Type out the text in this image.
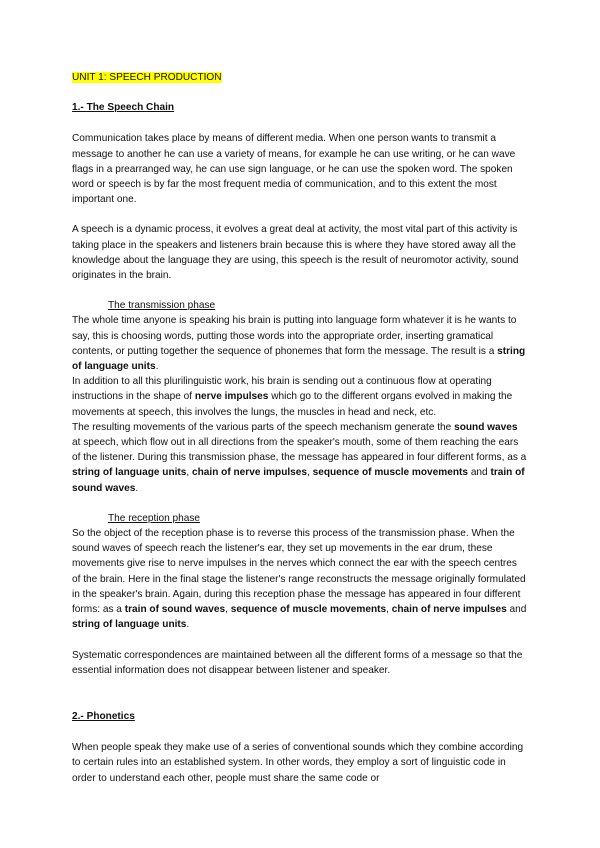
UNIT 1: SPEECH PRODUCTION

1.- The Speech Chain

Communication takes place by means of different media. When one person wants to transmit a message to another he can use a variety of means, for example he can use writing, or he can wave flags in a prearranged way, he can use sign language, or he can use the spoken word. The spoken word or speech is by far the most frequent media of communication, and to this extent the most important one.

A speech is a dynamic process, it evolves a great deal at activity, the most vital part of this activity is taking place in the speakers and listeners brain because this is where they have stored away all the knowledge about the language they are using, this speech is the result of neuromotor activity, sound originates in the brain.

The transmission phase

The whole time anyone is speaking his brain is putting into language form whatever it is he wants to say, this is choosing words, putting those words into the appropriate order, inserting gramatical contents, or putting together the sequence of phonemes that form the message. The result is a string of language units.

In addition to all this plurilinguistic work, his brain is sending out a continuous flow at operating instructions in the shape of nerve impulses which go to the different organs evolved in making the movements at speech, this involves the lungs, the muscles in head and neck, etc.

The resulting movements of the various parts of the speech mechanism generate the sound waves at speech, which flow out in all directions from the speaker's mouth, some of them reaching the ears of the listener. During this transmission phase, the message has appeared in four different forms, as a string of language units, chain of nerve impulses, sequence of muscle movements and train of sound waves.

The reception phase

So the object of the reception phase is to reverse this process of the transmission phase. When the sound waves of speech reach the listener's ear, they set up movements in the ear drum, these movements give rise to nerve impulses in the nerves which connect the ear with the speech centres of the brain. Here in the final stage the listener's range reconstructs the message originally formulated in the speaker's brain. Again, during this reception phase the message has appeared in four different forms: as a train of sound waves, sequence of muscle movements, chain of nerve impulses and string of language units.

Systematic correspondences are maintained between all the different forms of a message so that the essential information does not disappear between listener and speaker.

2.- Phonetics

When people speak they make use of a series of conventional sounds which they combine according to certain rules into an established system. In other words, they employ a sort of linguistic code in order to understand each other, people must share the same code or
